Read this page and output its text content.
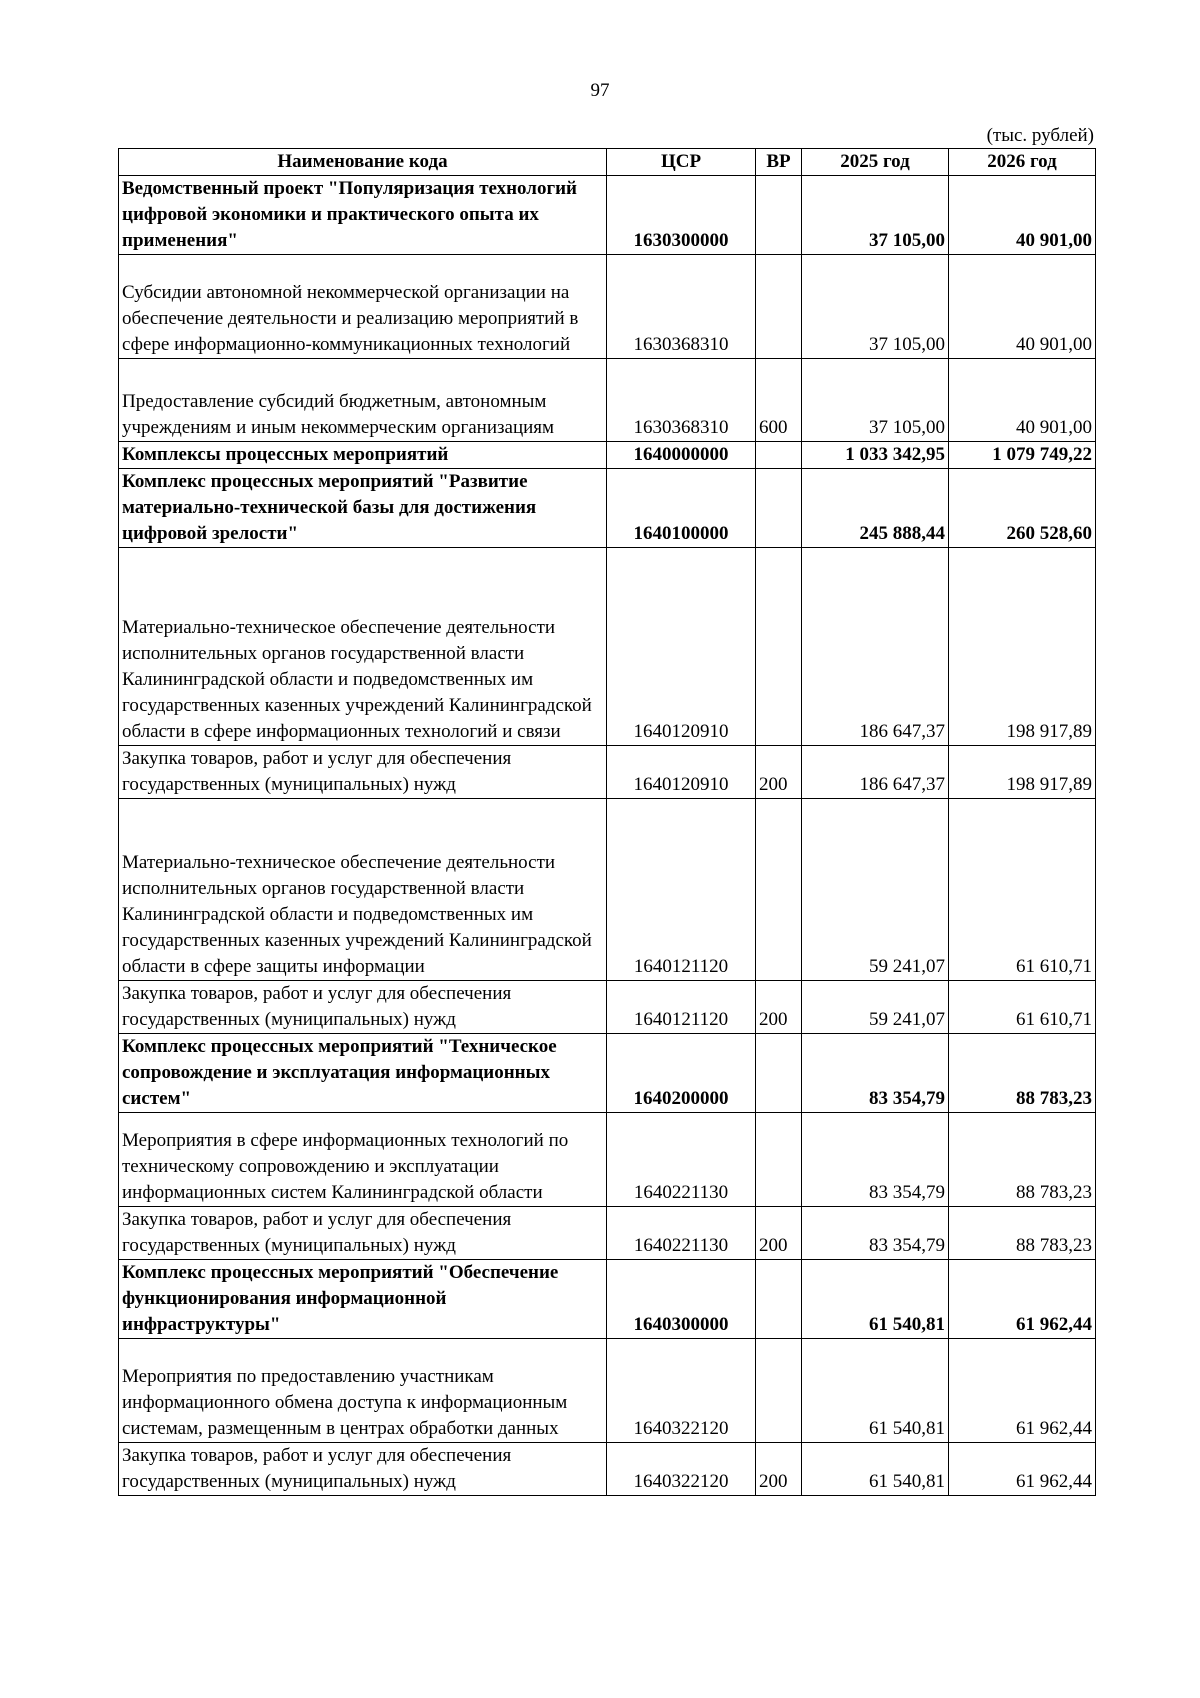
97
(тыс. рублей)
Наименование кода	ЦСР	ВР	2025 год	2026 год
Ведомственный проект "Популяризация технологий цифровой экономики и практического опыта их применения"	1630300000		37 105,00	40 901,00
Субсидии автономной некоммерческой организации на обеспечение деятельности и реализацию мероприятий в сфере информационно-коммуникационных технологий	1630368310		37 105,00	40 901,00
Предоставление субсидий бюджетным, автономным учреждениям и иным некоммерческим организациям	1630368310	600	37 105,00	40 901,00
Комплексы процессных мероприятий	1640000000		1 033 342,95	1 079 749,22
Комплекс процессных мероприятий "Развитие материально-технической базы для достижения цифровой зрелости"	1640100000		245 888,44	260 528,60
Материально-техническое обеспечение деятельности исполнительных органов государственной власти Калининградской области и подведомственных им государственных казенных учреждений Калининградской области в сфере информационных технологий и связи	1640120910		186 647,37	198 917,89
Закупка товаров, работ и услуг для обеспечения государственных (муниципальных) нужд	1640120910	200	186 647,37	198 917,89
Материально-техническое обеспечение деятельности исполнительных органов государственной власти Калининградской области и подведомственных им государственных казенных учреждений Калининградской области в сфере защиты информации	1640121120		59 241,07	61 610,71
Закупка товаров, работ и услуг для обеспечения государственных (муниципальных) нужд	1640121120	200	59 241,07	61 610,71
Комплекс процессных мероприятий "Техническое сопровождение и эксплуатация информационных систем"	1640200000		83 354,79	88 783,23
Мероприятия в сфере информационных технологий по техническому сопровождению и эксплуатации информационных систем Калининградской области	1640221130		83 354,79	88 783,23
Закупка товаров, работ и услуг для обеспечения государственных (муниципальных) нужд	1640221130	200	83 354,79	88 783,23
Комплекс процессных мероприятий "Обеспечение функционирования информационной инфраструктуры"	1640300000		61 540,81	61 962,44
Мероприятия по предоставлению участникам информационного обмена доступа к информационным системам, размещенным в центрах обработки данных	1640322120		61 540,81	61 962,44
Закупка товаров, работ и услуг для обеспечения государственных (муниципальных) нужд	1640322120	200	61 540,81	61 962,44
